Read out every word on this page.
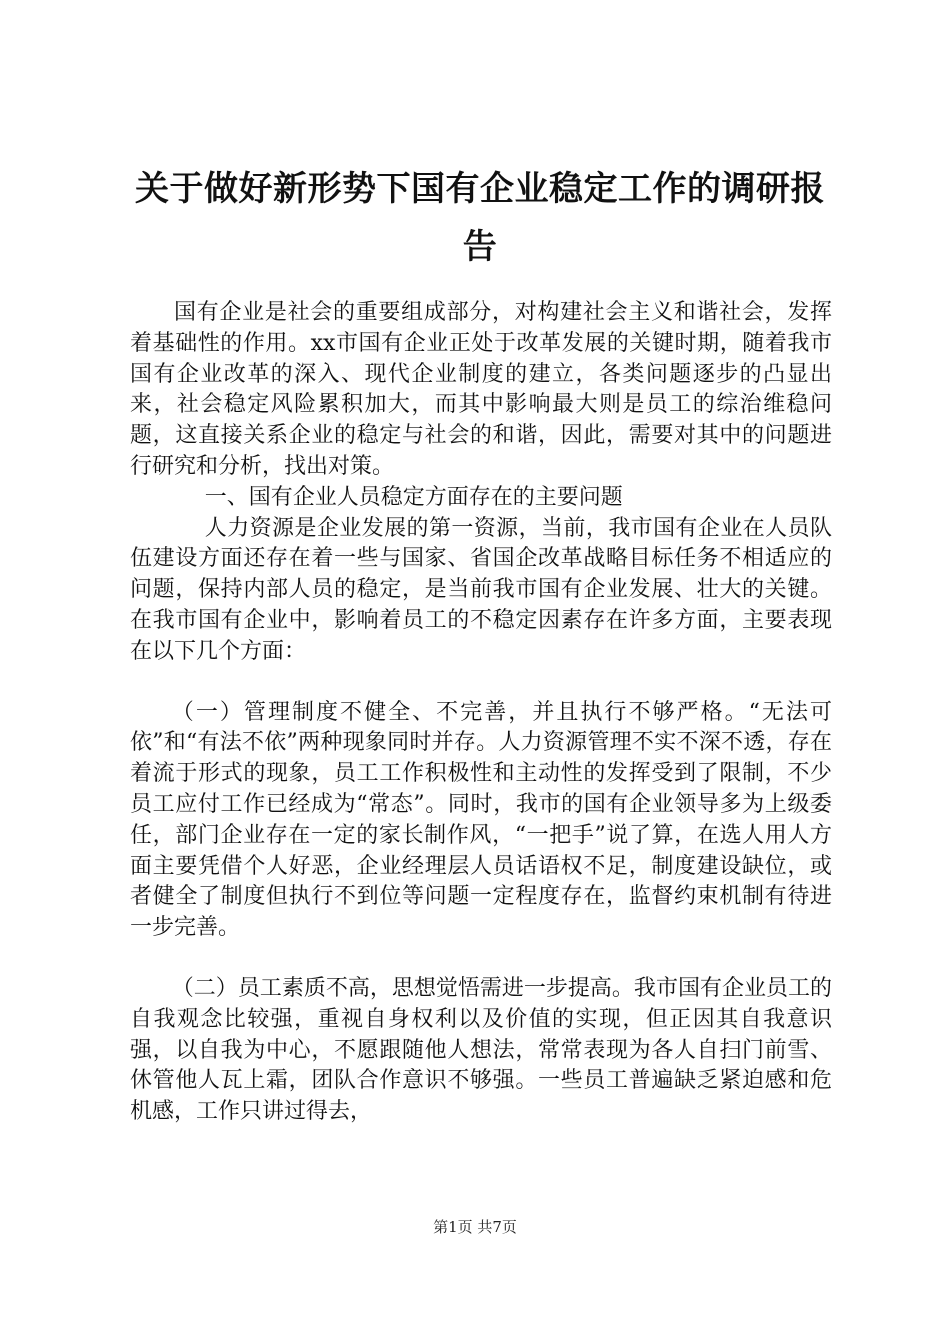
关于做好新形势下国有企业稳定工作的调研报告

国有企业是社会的重要组成部分，对构建社会主义和谐社会，发挥着基础性的作用。xx市国有企业正处于改革发展的关键时期，随着我市国有企业改革的深入、现代企业制度的建立，各类问题逐步的凸显出来，社会稳定风险累积加大，而其中影响最大则是员工的综治维稳问题，这直接关系企业的稳定与社会的和谐，因此，需要对其中的问题进行研究和分析，找出对策。

一、国有企业人员稳定方面存在的主要问题

人力资源是企业发展的第一资源，当前，我市国有企业在人员队伍建设方面还存在着一些与国家、省国企改革战略目标任务不相适应的问题，保持内部人员的稳定，是当前我市国有企业发展、壮大的关键。在我市国有企业中，影响着员工的不稳定因素存在许多方面，主要表现在以下几个方面：

（一）管理制度不健全、不完善，并且执行不够严格。“无法可依”和“有法不依”两种现象同时并存。人力资源管理不实不深不透，存在着流于形式的现象，员工工作积极性和主动性的发挥受到了限制，不少员工应付工作已经成为“常态”。同时，我市的国有企业领导多为上级委任，部门企业存在一定的家长制作风，“一把手”说了算，在选人用人方面主要凭借个人好恶，企业经理层人员话语权不足，制度建设缺位，或者健全了制度但执行不到位等问题一定程度存在，监督约束机制有待进一步完善。

（二）员工素质不高，思想觉悟需进一步提高。我市国有企业员工的自我观念比较强，重视自身权利以及价值的实现，但正因其自我意识强，以自我为中心，不愿跟随他人想法，常常表现为各人自扫门前雪、休管他人瓦上霜，团队合作意识不够强。一些员工普遍缺乏紧迫感和危机感，工作只讲过得去，

第1页 共7页
